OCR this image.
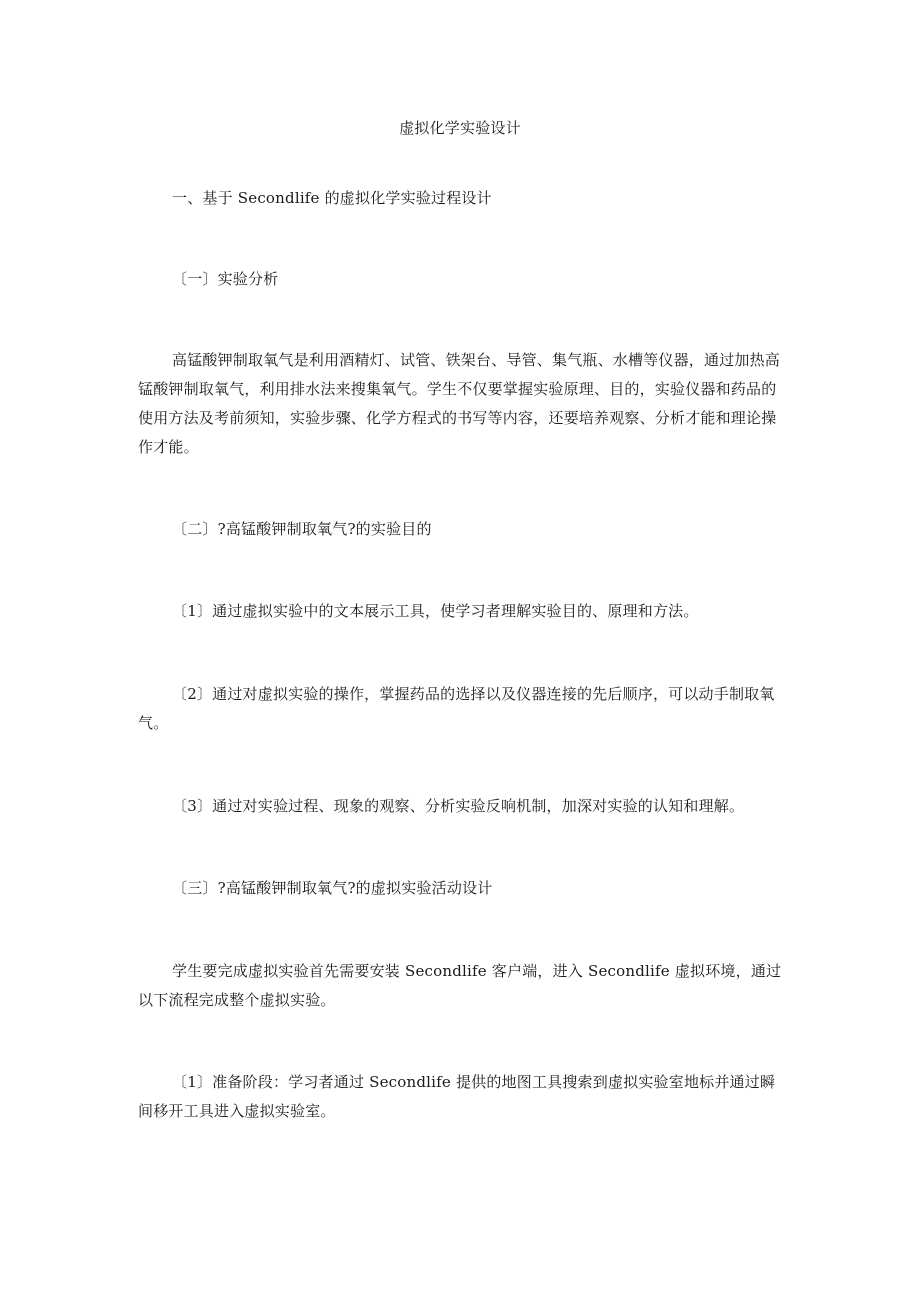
虚拟化学实验设计

一、基于 Secondlife 的虚拟化学实验过程设计

〔一〕实验分析

高锰酸钾制取氧气是利用酒精灯、试管、铁架台、导管、集气瓶、水槽等仪器，通过加热高锰酸钾制取氧气，利用排水法来搜集氧气。学生不仅要掌握实验原理、目的，实验仪器和药品的使用方法及考前须知，实验步骤、化学方程式的书写等内容，还要培养观察、分析才能和理论操作才能。

〔二〕?高锰酸钾制取氧气?的实验目的

〔1〕通过虚拟实验中的文本展示工具，使学习者理解实验目的、原理和方法。

〔2〕通过对虚拟实验的操作，掌握药品的选择以及仪器连接的先后顺序，可以动手制取氧气。

〔3〕通过对实验过程、现象的观察、分析实验反响机制，加深对实验的认知和理解。

〔三〕?高锰酸钾制取氧气?的虚拟实验活动设计

学生要完成虚拟实验首先需要安装 Secondlife 客户端，进入 Secondlife 虚拟环境，通过以下流程完成整个虚拟实验。

〔1〕准备阶段：学习者通过 Secondlife 提供的地图工具搜索到虚拟实验室地标并通过瞬间移开工具进入虚拟实验室。
